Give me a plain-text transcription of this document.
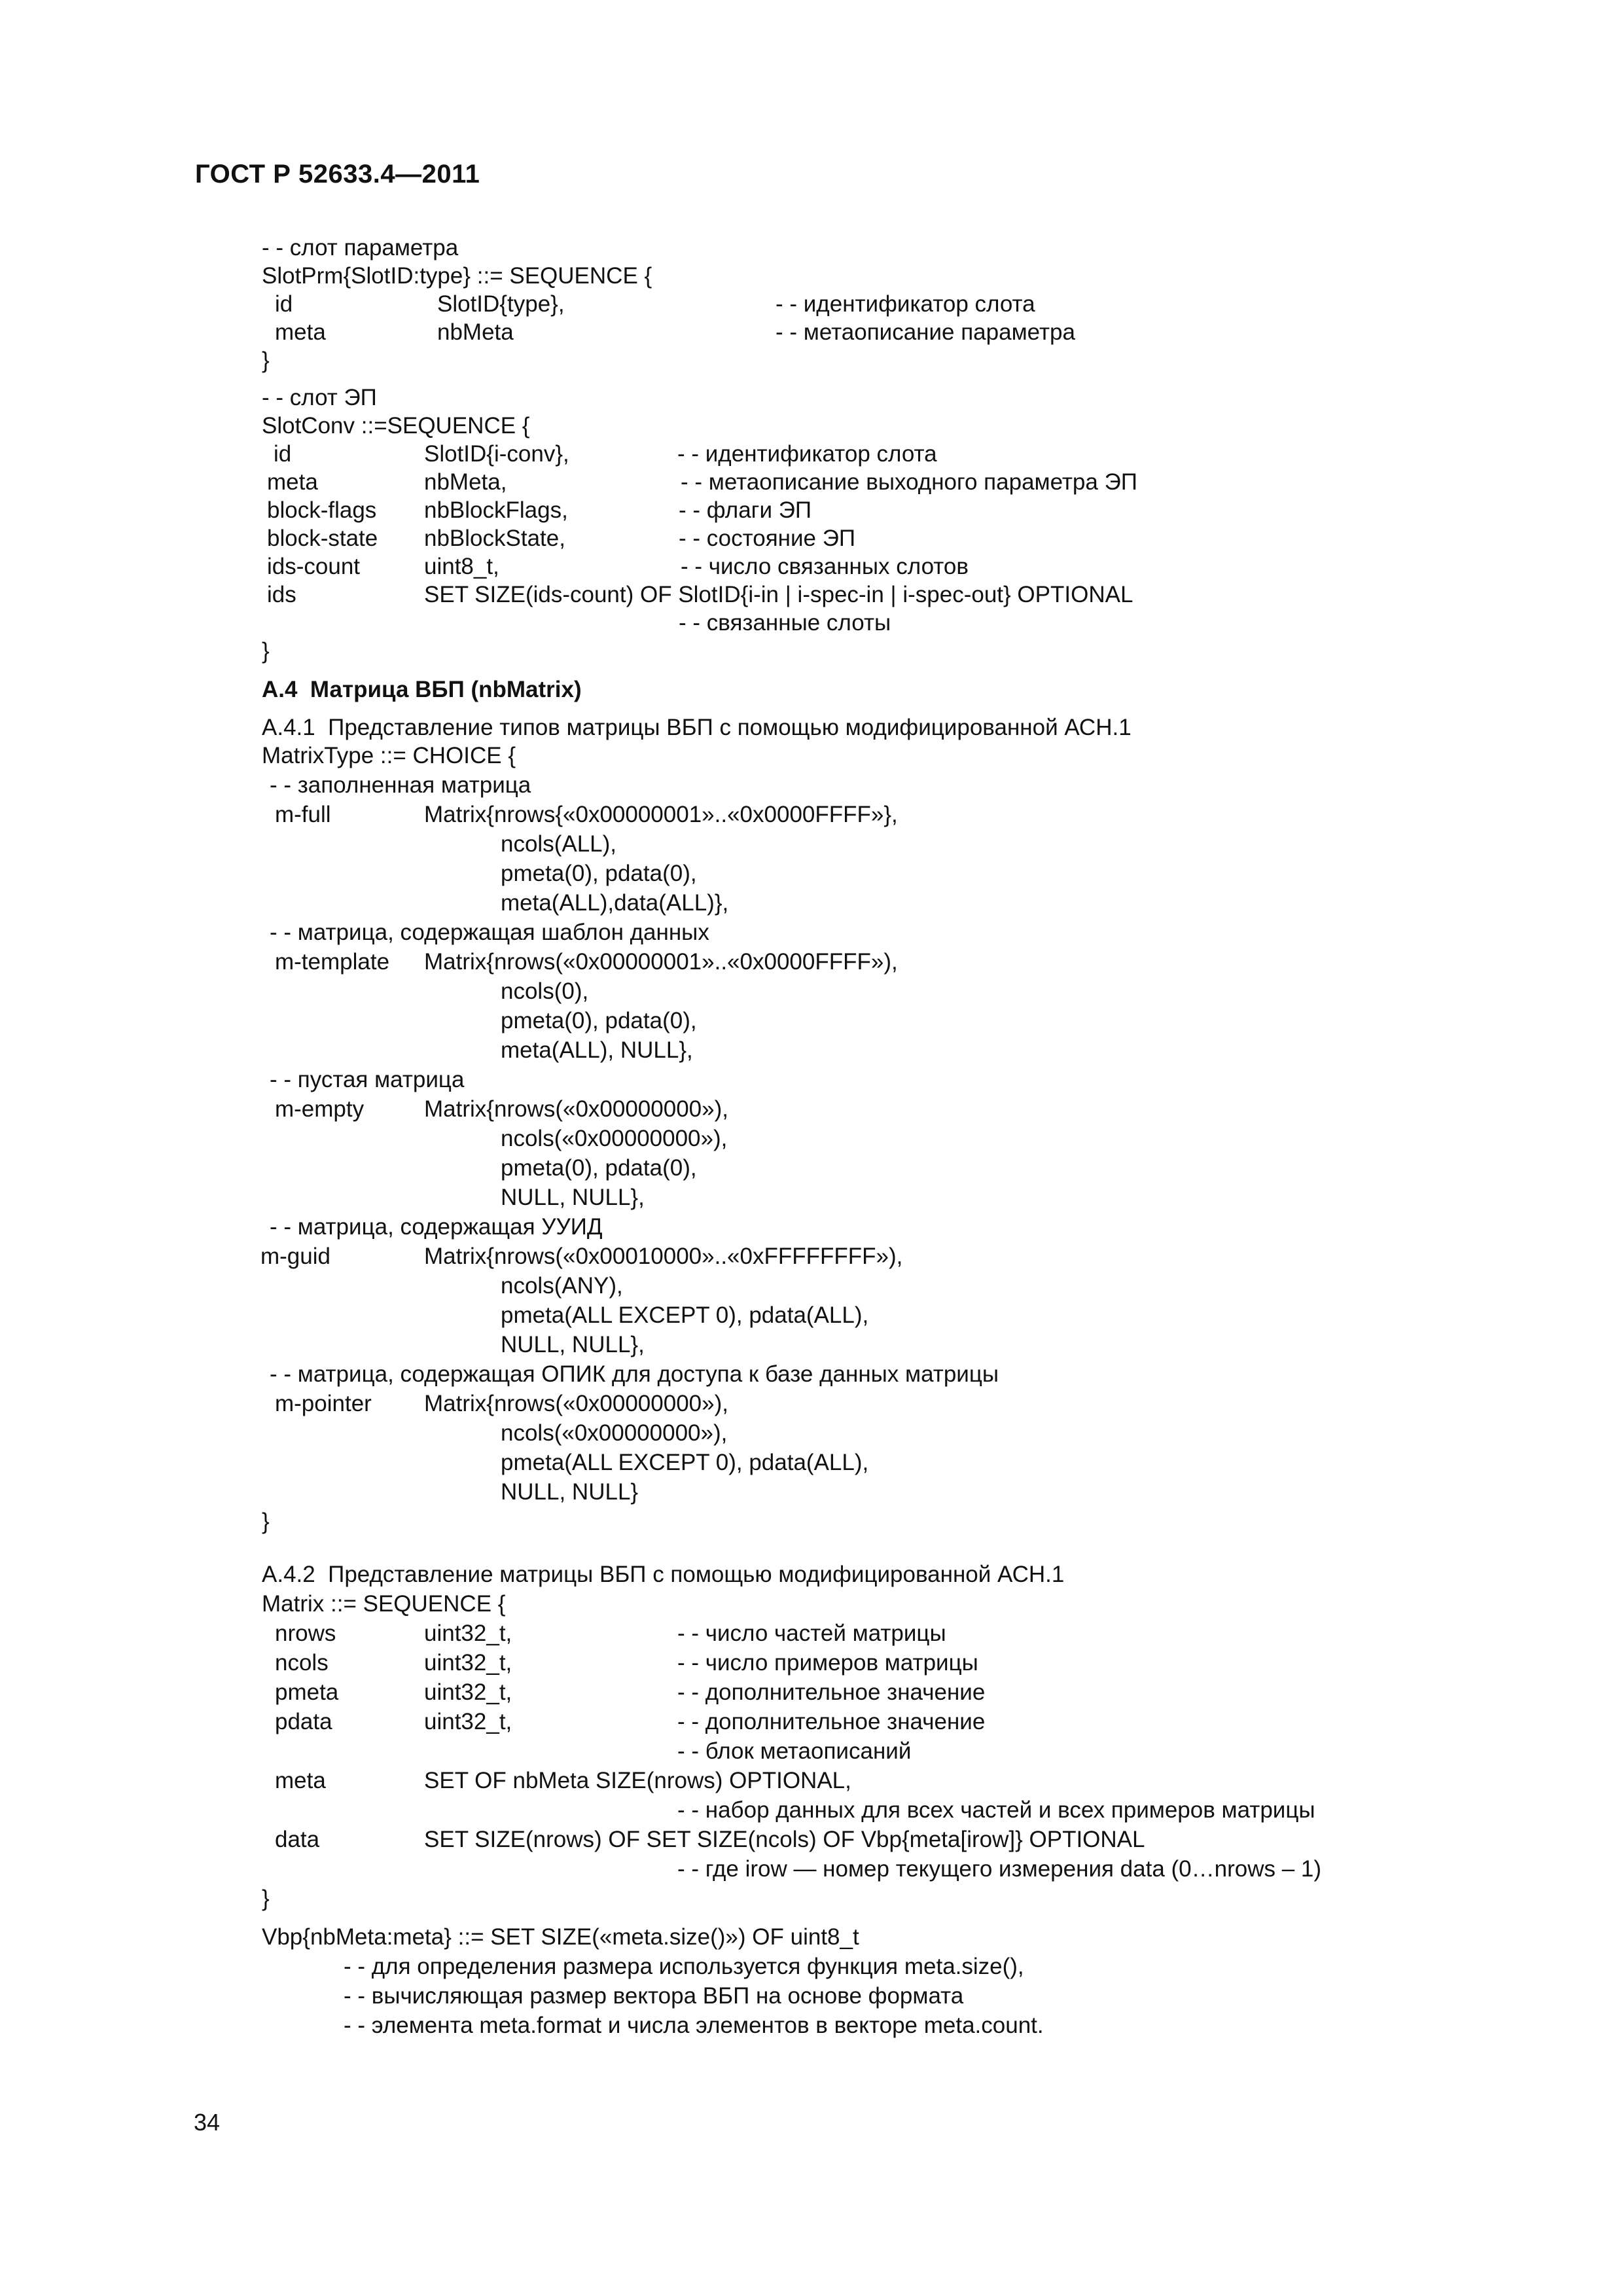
ГОСТ Р 52633.4—2011
- - слот параметра
SlotPrm{SlotID:type} ::= SEQUENCE {
id	SlotID{type},	- - идентификатор слота
meta	nbMeta	- - метаописание параметра
}
- - слот ЭП
SlotConv ::=SEQUENCE {
id	SlotID{i-conv},	- - идентификатор слота
meta	nbMeta,	- - метаописание выходного параметра ЭП
block-flags nbBlockFlags,	- - флаги ЭП
block-state nbBlockState,	- - состояние ЭП
ids-count	uint8_t,	- - число связанных слотов
ids	SET SIZE(ids-count) OF SlotID{i-in | i-spec-in | i-spec-out} OPTIONAL
- - связанные слоты
}
А.4  Матрица ВБП (nbMatrix)
А.4.1  Представление типов матрицы ВБП с помощью модифицированной АСН.1
MatrixType ::= CHOICE {
- - заполненная матрица
m-full	Matrix{nrows{«0x00000001»..«0x0000FFFF»},
ncols(ALL),
pmeta(0), pdata(0),
meta(ALL),data(ALL)},
- - матрица, содержащая шаблон данных
m-template Matrix{nrows(«0x00000001»..«0x0000FFFF»),
ncols(0),
pmeta(0), pdata(0),
meta(ALL), NULL},
- - пустая матрица
m-empty	Matrix{nrows(«0x00000000»),
ncols(«0x00000000»),
pmeta(0), pdata(0),
NULL, NULL},
- - матрица, содержащая УУИД
m-guid	Matrix{nrows(«0x00010000»..«0xFFFFFFFF»),
ncols(ANY),
pmeta(ALL EXCEPT 0), pdata(ALL),
NULL, NULL},
- - матрица, содержащая ОПИК для доступа к базе данных матрицы
m-pointer Matrix{nrows(«0x00000000»),
ncols(«0x00000000»),
pmeta(ALL EXCEPT 0), pdata(ALL),
NULL, NULL}
}
А.4.2  Представление матрицы ВБП с помощью модифицированной АСН.1
Matrix ::= SEQUENCE {
nrows	uint32_t,	- - число частей матрицы
ncols	uint32_t,	- - число примеров матрицы
pmeta	uint32_t,	- - дополнительное значение
pdata	uint32_t,	- - дополнительное значение
- - блок метаописаний
meta	SET OF nbMeta SIZE(nrows) OPTIONAL,
- - набор данных для всех частей и всех примеров матрицы
data	SET SIZE(nrows) OF SET SIZE(ncols) OF Vbp{meta[irow]} OPTIONAL
- - где irow — номер текущего измерения data (0…nrows – 1)
}
Vbp{nbMeta:meta} ::= SET SIZE(«meta.size()») OF uint8_t
- - для определения размера используется функция meta.size(),
- - вычисляющая размер вектора ВБП на основе формата
- - элемента meta.format и числа элементов в векторе meta.count.
34
